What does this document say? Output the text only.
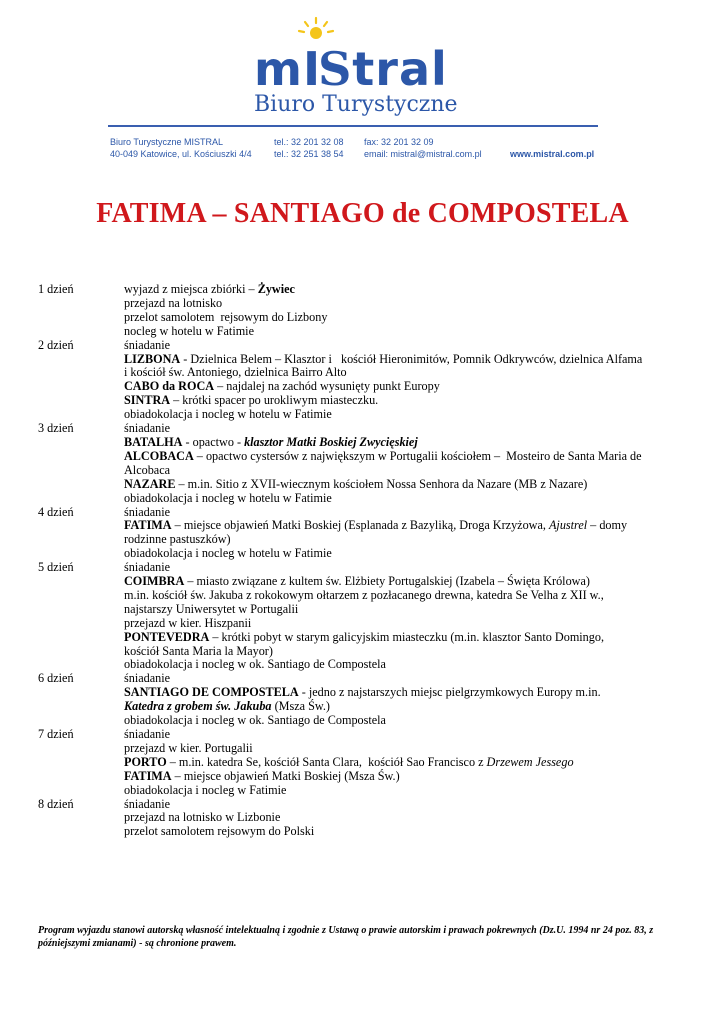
mIStral
Biuro Turystyczne
Biuro Turystyczne MISTRAL
40-049 Katowice, ul. Kościuszki 4/4
tel.: 32 201 32 08
tel.: 32 251 38 54
fax: 32 201 32 09
email: mistral@mistral.com.pl	www.mistral.com.pl
FATIMA – SANTIAGO de COMPOSTELA
1 dzień	wyjazd z miejsca zbiórki – Żywiec
przejazd na lotnisko
przelot samolotem  rejsowym do Lizbony
nocleg w hotelu w Fatimie
2 dzień	śniadanie
LIZBONA - Dzielnica Belem – Klasztor i   kościół Hieronimitów, Pomnik Odkrywców, dzielnica Alfama
i kościół św. Antoniego, dzielnica Bairro Alto
CABO da ROCA – najdalej na zachód wysunięty punkt Europy
SINTRA – krótki spacer po urokliwym miasteczku.
obiadokolacja i nocleg w hotelu w Fatimie
3 dzień	śniadanie
BATALHA - opactwo - klasztor Matki Boskiej Zwycięskiej
ALCOBACA – opactwo cystersów z największym w Portugalii kościołem –  Mosteiro de Santa Maria de
Alcobaca
NAZARE – m.in. Sitio z XVII-wiecznym kościołem Nossa Senhora da Nazare (MB z Nazare)
obiadokolacja i nocleg w hotelu w Fatimie
4 dzień	śniadanie
FATIMA – miejsce objawień Matki Boskiej (Esplanada z Bazyliką, Droga Krzyżowa, Ajustrel – domy
rodzinne pastuszków)
obiadokolacja i nocleg w hotelu w Fatimie
5 dzień	śniadanie
COIMBRA – miasto związane z kultem św. Elżbiety Portugalskiej (Izabela – Święta Królowa)
m.in. kościół św. Jakuba z rokokowym ołtarzem z pozłacanego drewna, katedra Se Velha z XII w.,
najstarszy Uniwersytet w Portugalii
przejazd w kier. Hiszpanii
PONTEVEDRA – krótki pobyt w starym galicyjskim miasteczku (m.in. klasztor Santo Domingo,
kościół Santa Maria la Mayor)
obiadokolacja i nocleg w ok. Santiago de Compostela
6 dzień	śniadanie
SANTIAGO DE COMPOSTELA - jedno z najstarszych miejsc pielgrzymkowych Europy m.in.
Katedra z grobem św. Jakuba (Msza Św.)
obiadokolacja i nocleg w ok. Santiago de Compostela
7 dzień	śniadanie
przejazd w kier. Portugalii
PORTO – m.in. katedra Se, kościół Santa Clara,  kościół Sao Francisco z Drzewem Jessego
FATIMA – miejsce objawień Matki Boskiej (Msza Św.)
obiadokolacja i nocleg w Fatimie
8 dzień	śniadanie
przejazd na lotnisko w Lizbonie
przelot samolotem rejsowym do Polski
Program wyjazdu stanowi autorską własność intelektualną i zgodnie z Ustawą o prawie autorskim i prawach pokrewnych (Dz.U. 1994 nr 24 poz. 83, z późniejszymi zmianami) - są chronione prawem.
